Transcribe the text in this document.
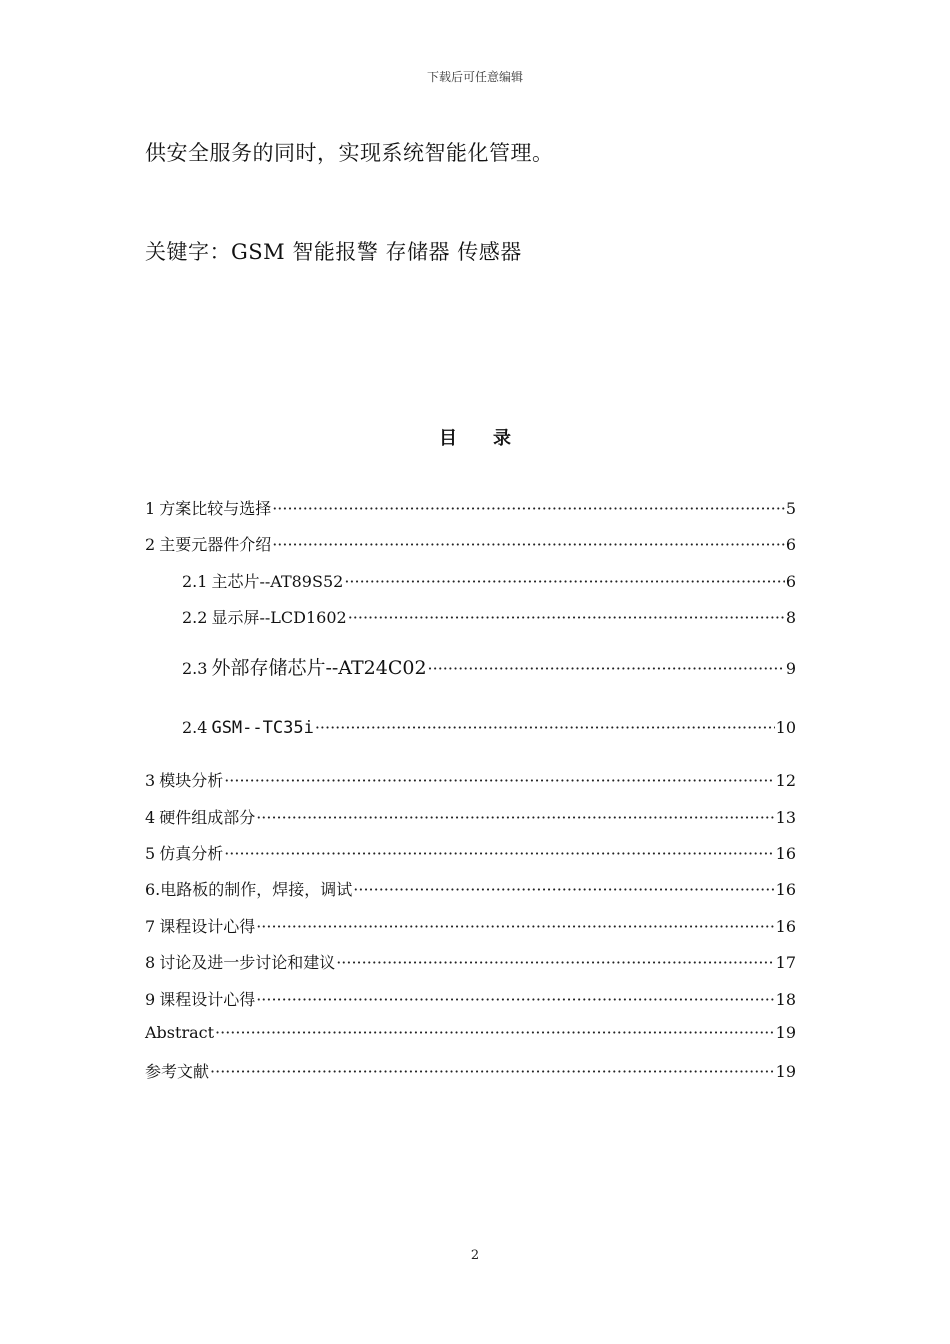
下载后可任意编辑
供安全服务的同时，实现系统智能化管理。
关键字：GSM 智能报警 存储器 传感器
目录
1 方案比较与选择 ·····	5
2 主要元器件介绍 ·····	6
2.1 主芯片--AT89S52 ·····	6
2.2 显示屏--LCD1602 ·····	8
2.3 外部存储芯片--AT24C02 ·····	9
2.4 GSM--TC35i ·····	10
3 模块分析 ·····	12
4 硬件组成部分 ·····	13
5 仿真分析 ·····	16
6. 电路板的制作，焊接，调试 ·····	16
7 课程设计心得 ·····	16
8 讨论及进一步讨论和建议 ·····	17
9 课程设计心得 ·····	18
Abstract ·····	19
参考文献 ·····	19
2
